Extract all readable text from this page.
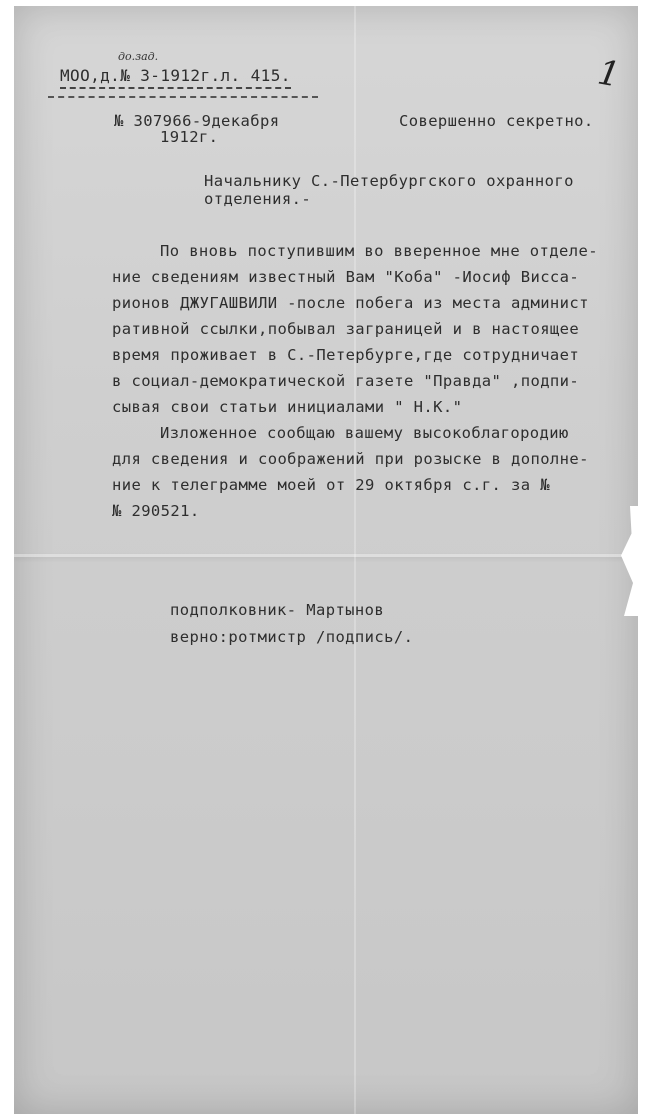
до.зад.
МОО,д.№ 3-1912г.л. 415.	1
№ 307966-9декабря
1912г.
Совершенно секретно.
Начальнику С.-Петербургского охранного
отделения.-
По вновь поступившим во вверенное мне отделе-
ние сведениям известный Вам "Коба" -Иосиф Виссa-
рионов ДЖУГАШВИЛИ -после побега из места админист
ративной ссылки,побывал заграницей и в настоящее
время проживает в С.-Петербурге,где сотрудничает
в социал-демократической газете "Правда" ,подпи-
сывая свои статьи инициалами " Н.К."
Изложенное сообщаю вашему высокоблагородию
для сведения и соображений при розыске в дополне-
ние к телеграмме моей от 29 октября с.г. за №
№ 290521.
подполковник- Мартынов
верно:ротмистр /подпись/.
